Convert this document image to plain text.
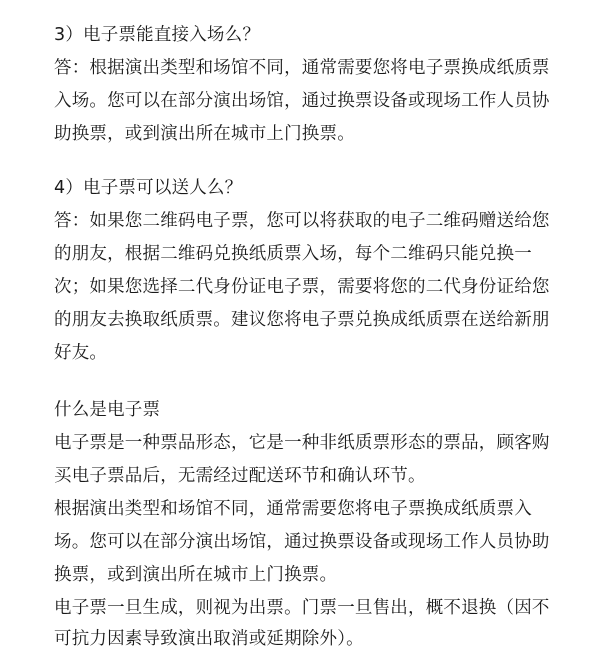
3）电子票能直接入场么？
答：根据演出类型和场馆不同，通常需要您将电子票换成纸质票
入场。您可以在部分演出场馆，通过换票设备或现场工作人员协
助换票，或到演出所在城市上门换票。
4）电子票可以送人么？
答：如果您二维码电子票，您可以将获取的电子二维码赠送给您
的朋友，根据二维码兑换纸质票入场，每个二维码只能兑换一
次；如果您选择二代身份证电子票，需要将您的二代身份证给您
的朋友去换取纸质票。建议您将电子票兑换成纸质票在送给新朋
好友。
什么是电子票
电子票是一种票品形态，它是一种非纸质票形态的票品，顾客购
买电子票品后，无需经过配送环节和确认环节。
根据演出类型和场馆不同，通常需要您将电子票换成纸质票入
场。您可以在部分演出场馆，通过换票设备或现场工作人员协助
换票，或到演出所在城市上门换票。
电子票一旦生成，则视为出票。门票一旦售出，概不退换（因不
可抗力因素导致演出取消或延期除外）。
